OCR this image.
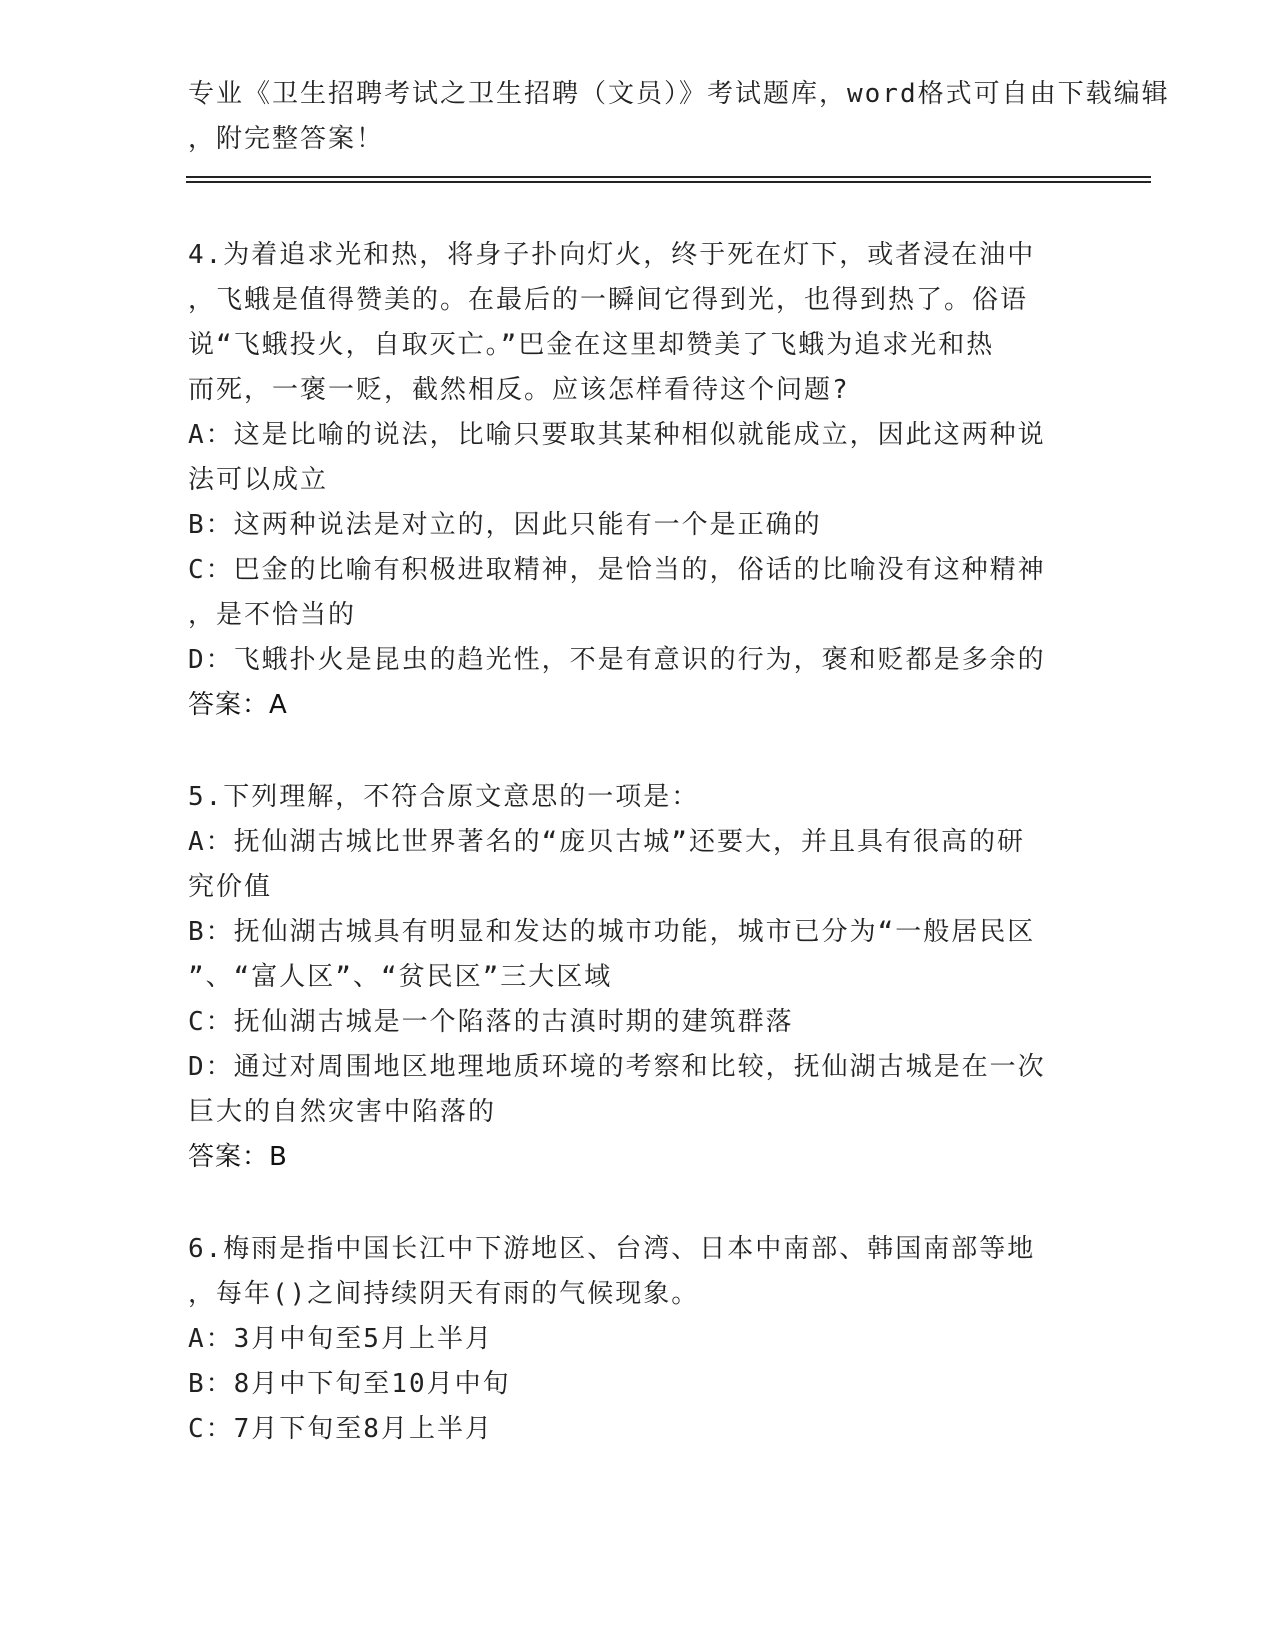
专业《卫生招聘考试之卫生招聘（文员）》考试题库，word格式可自由下载编辑
，附完整答案！
4.为着追求光和热，将身子扑向灯火，终于死在灯下，或者浸在油中
，飞蛾是值得赞美的。在最后的一瞬间它得到光，也得到热了。俗语
说“飞蛾投火，自取灭亡。”巴金在这里却赞美了飞蛾为追求光和热
而死，一褒一贬，截然相反。应该怎样看待这个问题?
A：这是比喻的说法，比喻只要取其某种相似就能成立，因此这两种说
法可以成立
B：这两种说法是对立的，因此只能有一个是正确的
C：巴金的比喻有积极进取精神，是恰当的，俗话的比喻没有这种精神
，是不恰当的
D：飞蛾扑火是昆虫的趋光性，不是有意识的行为，褒和贬都是多余的
答案：A
5.下列理解，不符合原文意思的一项是：
A：抚仙湖古城比世界著名的“庞贝古城”还要大，并且具有很高的研
究价值
B：抚仙湖古城具有明显和发达的城市功能，城市已分为“一般居民区
”、“富人区”、“贫民区”三大区域
C：抚仙湖古城是一个陷落的古滇时期的建筑群落
D：通过对周围地区地理地质环境的考察和比较，抚仙湖古城是在一次
巨大的自然灾害中陷落的
答案：B
6.梅雨是指中国长江中下游地区、台湾、日本中南部、韩国南部等地
，每年()之间持续阴天有雨的气候现象。
A：3月中旬至5月上半月
B：8月中下旬至10月中旬
C：7月下旬至8月上半月
